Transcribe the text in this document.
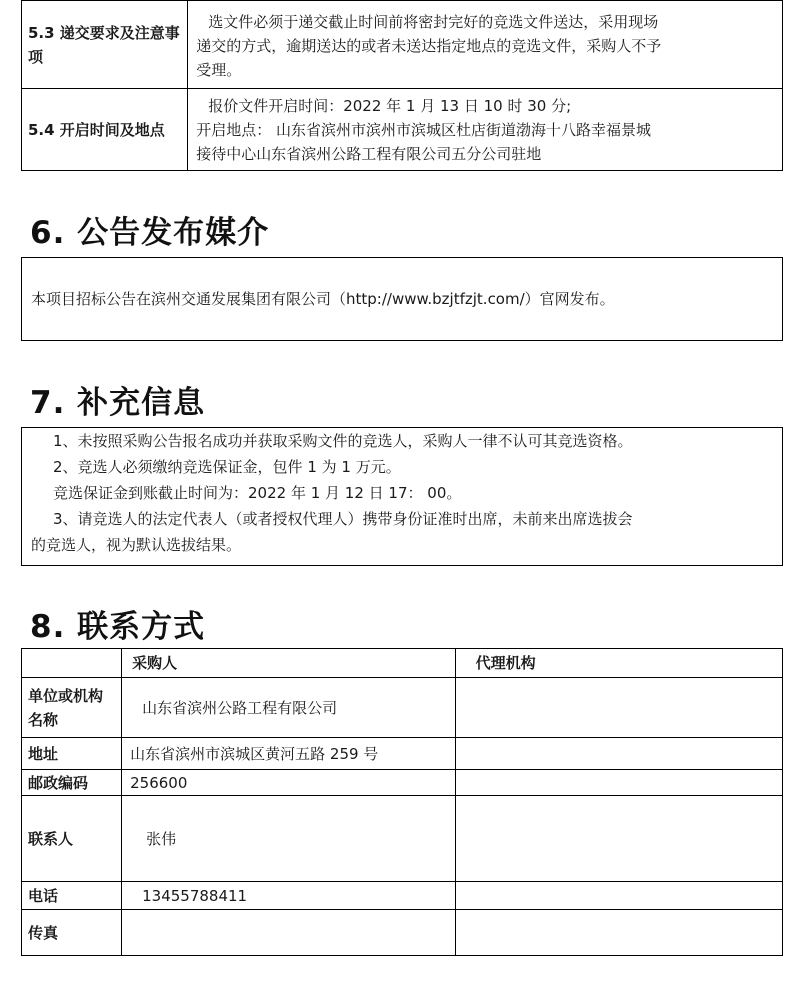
5.3 递交要求及注意事项	选文件必须于递交截止时间前将密封完好的竞选文件送达，采用现场
递交的方式，逾期送达的或者未送达指定地点的竞选文件，采购人不予
受理。

5.4 开启时间及地点	报价文件开启时间：2022 年 1 月 13 日 10 时 30 分;
开启地点： 山东省滨州市滨州市滨城区杜店街道渤海十八路幸福景城
接待中心山东省滨州公路工程有限公司五分公司驻地
6. 公告发布媒介
本项目招标公告在滨州交通发展集团有限公司（http://www.bzjtfzjt.com/）官网发布。
7. 补充信息

1、未按照采购公告报名成功并获取采购文件的竞选人，采购人一律不认可其竞选资格。

2、竞选人必须缴纳竞选保证金，包件 1 为 1 万元。

竞选保证金到账截止时间为：2022 年 1 月 12 日 17： 00。

3、请竞选人的法定代表人（或者授权代理人）携带身份证准时出席，未前来出席选拔会

的竞选人，视为默认选拔结果。

8. 联系方式
	采购人	代理机构
单位或机构名称	山东省滨州公路工程有限公司	
地址	山东省滨州市滨城区黄河五路 259 号	
邮政编码	256600	
联系人	张伟	
电话	13455788411	
传真		
